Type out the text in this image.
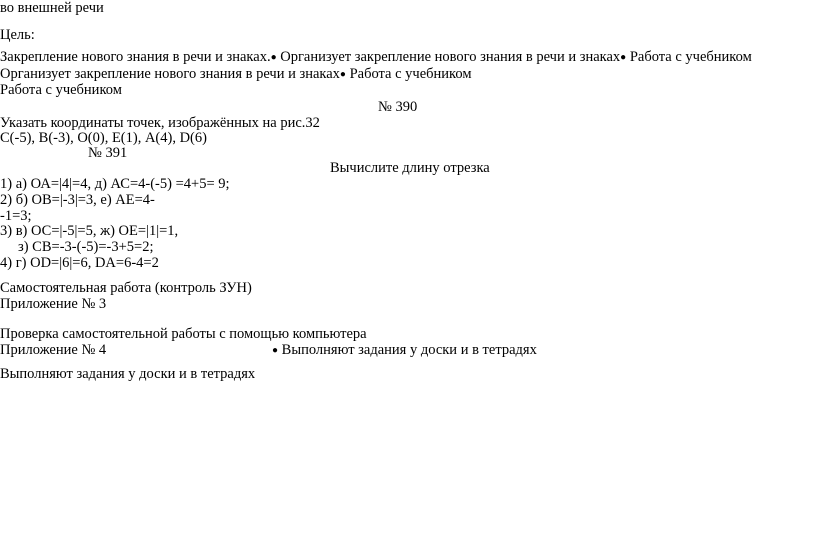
во внешней речи
Цель:
Закрепление нового знания в речи и знаках.● Организует закрепление нового знания в речи и знаках● Работа с учебником
Организует закрепление нового знания в речи и знаках● Работа с учебником
Работа с учебником
№ 390
Указать координаты точек, изображённых на рис.32
С(-5), В(-3), О(0), Е(1), А(4), D(6)
№ 391
Вычислите длину отрезка
1) а) ОА=|4|=4, д) АС=4-(-5) =4+5= 9;
2) б) ОВ=|-3|=3, е) АЕ=4-
-1=3;
3) в) ОС=|-5|=5, ж) ОЕ=|1|=1,
з) СВ=-3-(-5)=-3+5=2;
4) г) ОD=|6|=6, DА=6-4=2
Самостоятельная работа (контроль ЗУН)
Приложение № 3
Проверка самостоятельной работы с помощью компьютера
Приложение № 4	● Выполняют задания у доски и в тетрадях
Выполняют задания у доски и в тетрадях
